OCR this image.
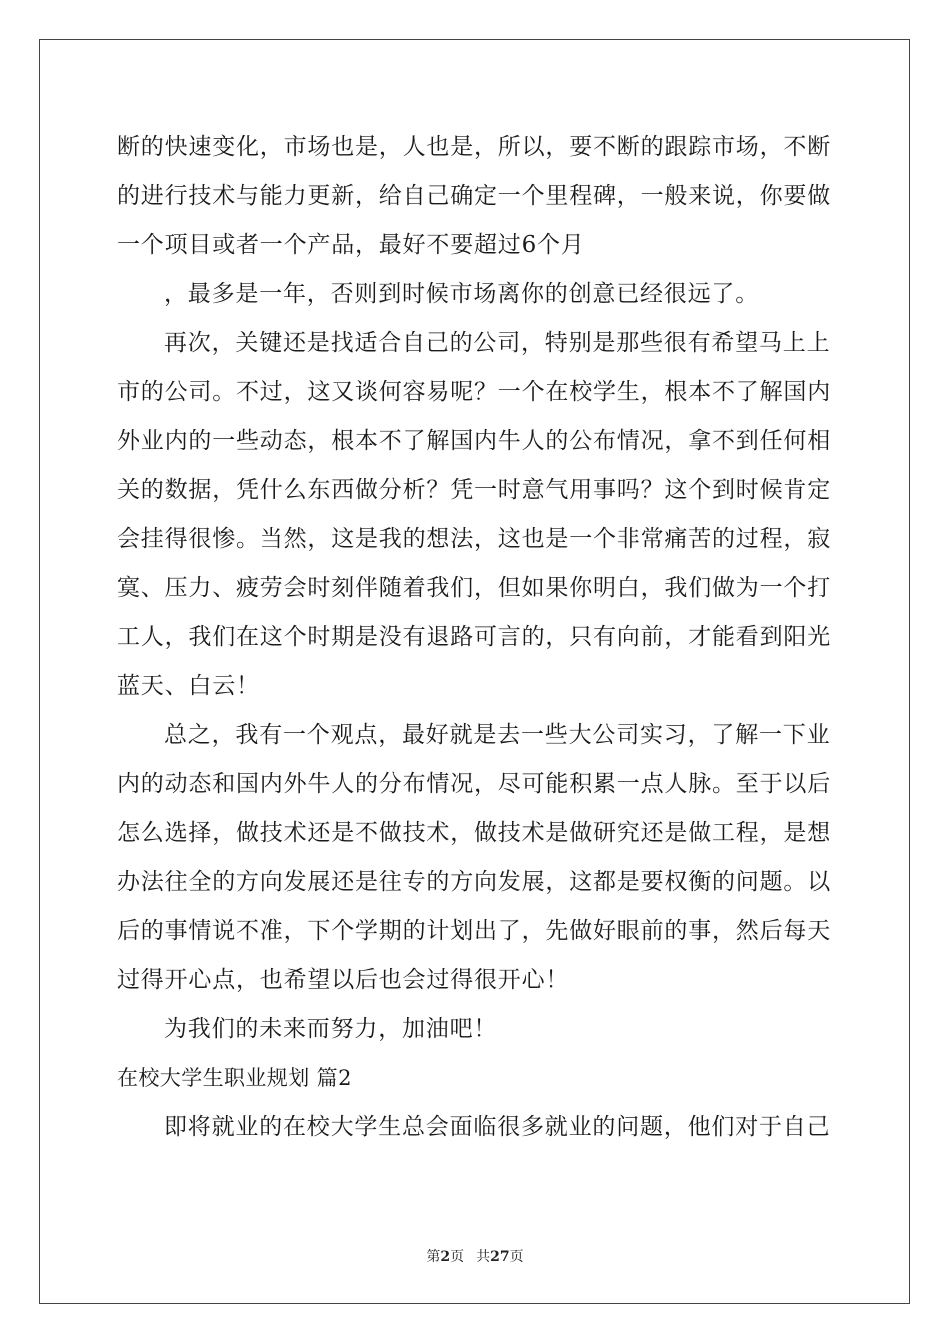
断的快速变化，市场也是，人也是，所以，要不断的跟踪市场，不断
的进行技术与能力更新，给自己确定一个里程碑，一般来说，你要做
一个项目或者一个产品，最好不要超过6个月
，最多是一年，否则到时候市场离你的创意已经很远了。
再次，关键还是找适合自己的公司，特别是那些很有希望马上上
市的公司。不过，这又谈何容易呢？一个在校学生，根本不了解国内
外业内的一些动态，根本不了解国内牛人的公布情况，拿不到任何相
关的数据，凭什么东西做分析？凭一时意气用事吗？这个到时候肯定
会挂得很惨。当然，这是我的想法，这也是一个非常痛苦的过程，寂
寞、压力、疲劳会时刻伴随着我们，但如果你明白，我们做为一个打
工人，我们在这个时期是没有退路可言的，只有向前，才能看到阳光
蓝天、白云！
总之，我有一个观点，最好就是去一些大公司实习，了解一下业
内的动态和国内外牛人的分布情况，尽可能积累一点人脉。至于以后
怎么选择，做技术还是不做技术，做技术是做研究还是做工程，是想
办法往全的方向发展还是往专的方向发展，这都是要权衡的问题。以
后的事情说不准，下个学期的计划出了，先做好眼前的事，然后每天
过得开心点，也希望以后也会过得很开心！
为我们的未来而努力，加油吧！
在校大学生职业规划 篇2
即将就业的在校大学生总会面临很多就业的问题，他们对于自己
第2页 共27页
